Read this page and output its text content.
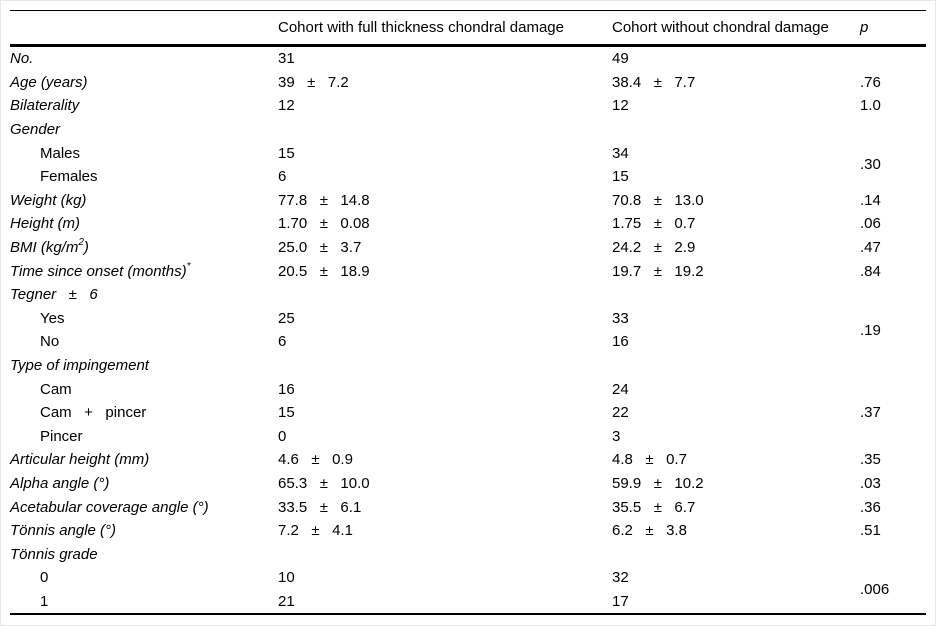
	Cohort with full thickness chondral damage	Cohort without chondral damage	p
No.	31	49	
Age (years)	39   ±   7.2	38.4   ±   7.7	.76
Bilaterality	12	12	1.0
Gender			
Males	15	34	.30
Females	6	15	
Weight (kg)	77.8   ±   14.8	70.8   ±   13.0	.14
Height (m)	1.70   ±   0.08	1.75   ±   0.7	.06
BMI $(kg/m^2)$	25.0   ±   3.7	24.2   ±   2.9	.47
Time since onset (months)*	20.5   ±   18.9	19.7   ±   19.2	.84
Tegner   ±   6			
Yes	25	33	.19
No	6	16	
Type of impingement			
Cam	16	24	
Cam   +   pincer	15	22	.37
Pincer	0	3	
Articular height (mm)	4.6   ±   0.9	4.8   ±   0.7	.35
Alpha angle (°)	65.3   ±   10.0	59.9   ±   10.2	.03
Acetabular coverage angle (°)	33.5   ±   6.1	35.5   ±   6.7	.36
Tönnis angle (°)	7.2   ±   4.1	6.2   ±   3.8	.51
Tönnis grade			
0	10	32	.006
1	21	17	
